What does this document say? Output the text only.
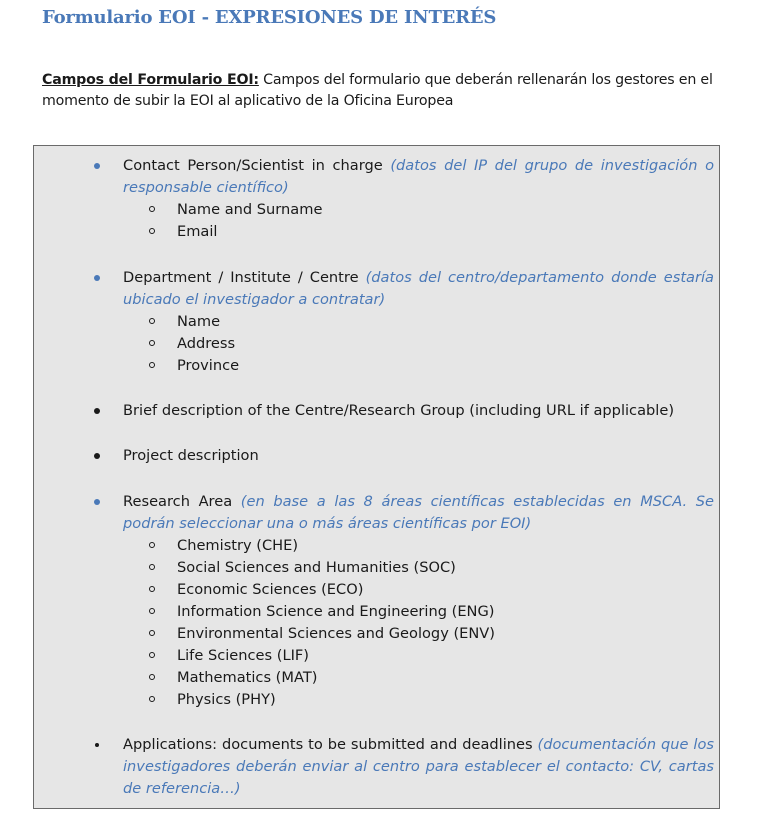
Formulario EOI - EXPRESIONES DE INTERÉS
Campos del Formulario EOI: Campos del formulario que deberán rellenarán los gestores en el momento de subir la EOI al aplicativo de la Oficina Europea
Contact Person/Scientist in charge (datos del IP del grupo de investigación o responsable científico)
Name and Surname
Email
Department / Institute / Centre (datos del centro/departamento donde estaría ubicado el investigador a contratar)
Name
Address
Province
Brief description of the Centre/Research Group (including URL if applicable)
Project description
Research Area (en base a las 8 áreas científicas establecidas en MSCA. Se podrán seleccionar una o más áreas científicas por EOI)
Chemistry (CHE)
Social Sciences and Humanities (SOC)
Economic Sciences (ECO)
Information Science and Engineering (ENG)
Environmental Sciences and Geology (ENV)
Life Sciences (LIF)
Mathematics (MAT)
Physics (PHY)
Applications: documents to be submitted and deadlines (documentación que los investigadores deberán enviar al centro para establecer el contacto: CV, cartas de referencia…)
